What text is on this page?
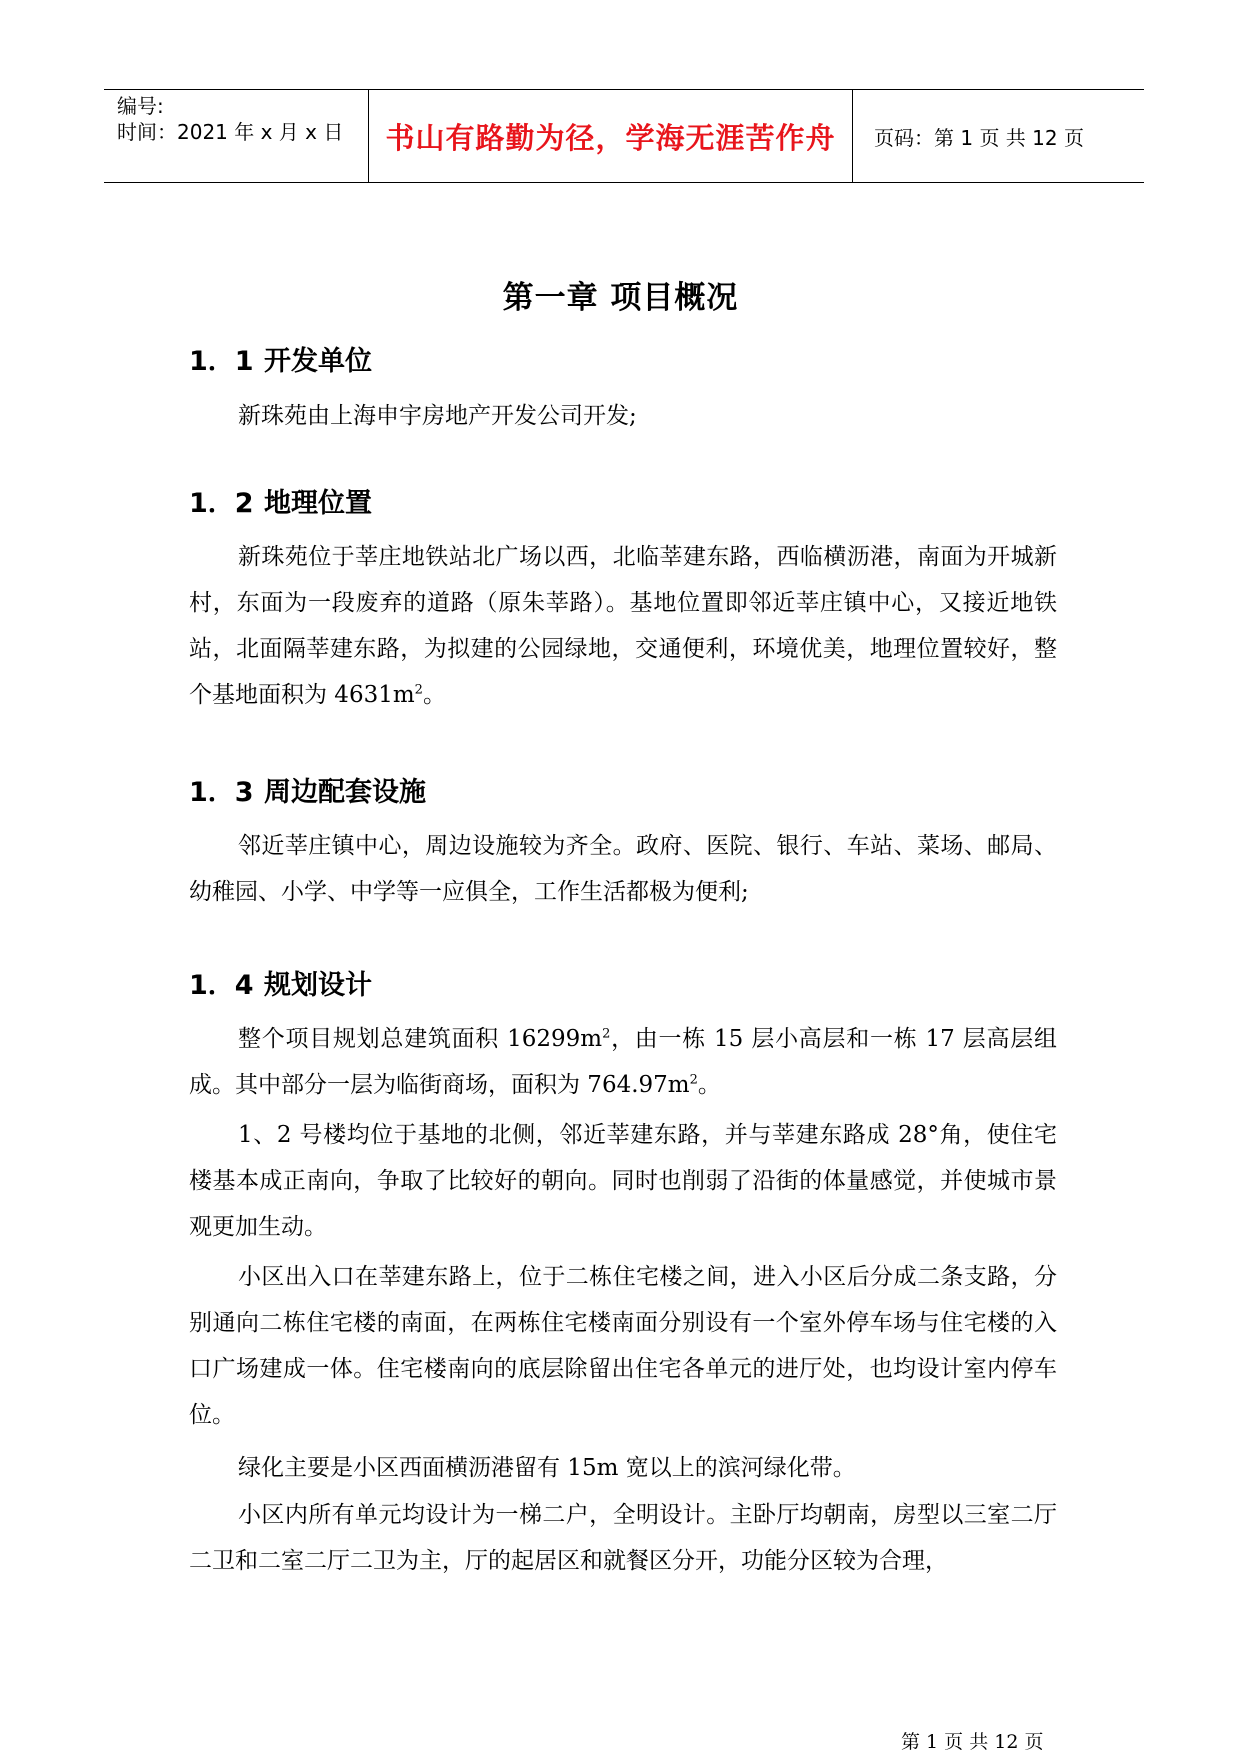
编号:
时间：2021 年 x 月 x 日 书山有路勤为径，学海无涯苦作舟 页码：第 1 页 共 12 页
第一章 项目概况
1．1 开发单位

新珠苑由上海申宇房地产开发公司开发;

1．2 地理位置

新珠苑位于莘庄地铁站北广场以西，北临莘建东路，西临横沥港，南面为开城新村，东面为一段废弃的道路（原朱莘路）。基地位置即邻近莘庄镇中心，又接近地铁站，北面隔莘建东路，为拟建的公园绿地，交通便利，环境优美，地理位置较好，整个基地面积为 $4631m^2$。

1．3 周边配套设施

邻近莘庄镇中心，周边设施较为齐全。政府、医院、银行、车站、菜场、邮局、幼稚园、小学、中学等一应俱全，工作生活都极为便利;

1．4 规划设计

整个项目规划总建筑面积 $16299m^2$，由一栋 15 层小高层和一栋 17 层高层组成。其中部分一层为临街商场，面积为 $764.97m^2$。

1、2 号楼均位于基地的北侧，邻近莘建东路，并与莘建东路成 28°角，使住宅楼基本成正南向，争取了比较好的朝向。同时也削弱了沿街的体量感觉，并使城市景观更加生动。

小区出入口在莘建东路上，位于二栋住宅楼之间，进入小区后分成二条支路，分别通向二栋住宅楼的南面，在两栋住宅楼南面分别设有一个室外停车场与住宅楼的入口广场建成一体。住宅楼南向的底层除留出住宅各单元的进厅处，也均设计室内停车位。

绿化主要是小区西面横沥港留有 15m 宽以上的滨河绿化带。

小区内所有单元均设计为一梯二户，全明设计。主卧厅均朝南，房型以三室二厅二卫和二室二厅二卫为主，厅的起居区和就餐区分开，功能分区较为合理，

第 1 页 共 12 页
